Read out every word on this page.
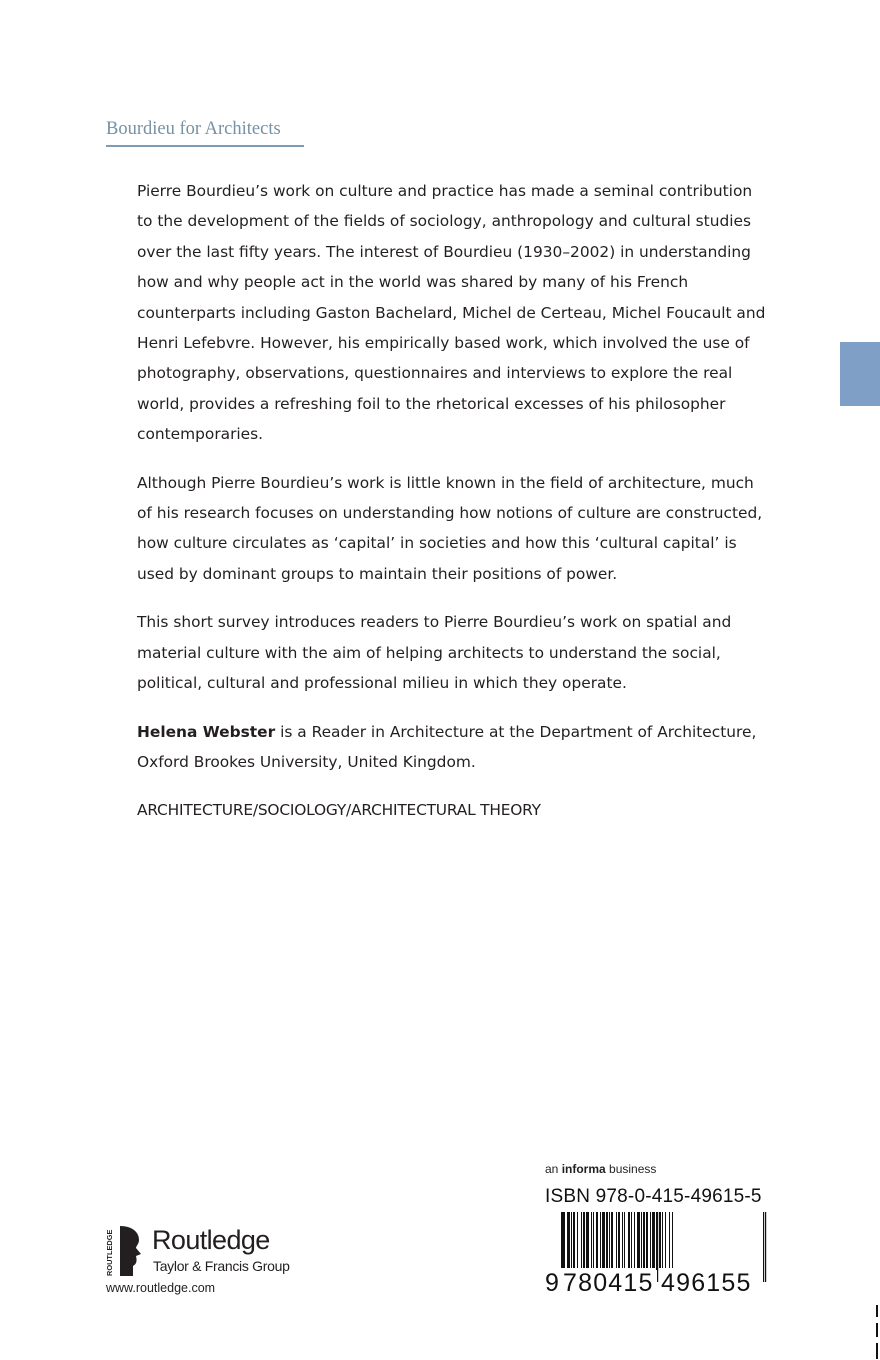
Bourdieu for Architects

Pierre Bourdieu’s work on culture and practice has made a seminal contribution to the development of the fields of sociology, anthropology and cultural studies over the last fifty years. The interest of Bourdieu (1930–2002) in understanding how and why people act in the world was shared by many of his French counterparts including Gaston Bachelard, Michel de Certeau, Michel Foucault and Henri Lefebvre. However, his empirically based work, which involved the use of photography, observations, questionnaires and interviews to explore the real world, provides a refreshing foil to the rhetorical excesses of his philosopher contemporaries.

Although Pierre Bourdieu’s work is little known in the field of architecture, much of his research focuses on understanding how notions of culture are constructed, how culture circulates as ‘capital’ in societies and how this ‘cultural capital’ is used by dominant groups to maintain their positions of power.

This short survey introduces readers to Pierre Bourdieu’s work on spatial and material culture with the aim of helping architects to understand the social, political, cultural and professional milieu in which they operate.

Helena Webster is a Reader in Architecture at the Department of Architecture, Oxford Brookes University, United Kingdom.

ARCHITECTURE/SOCIOLOGY/ARCHITECTURAL THEORY

an informa business
ISBN 978-0-415-49615-5
9 780415 496155
ROUTLEDGE Routledge
Taylor & Francis Group
www.routledge.com
